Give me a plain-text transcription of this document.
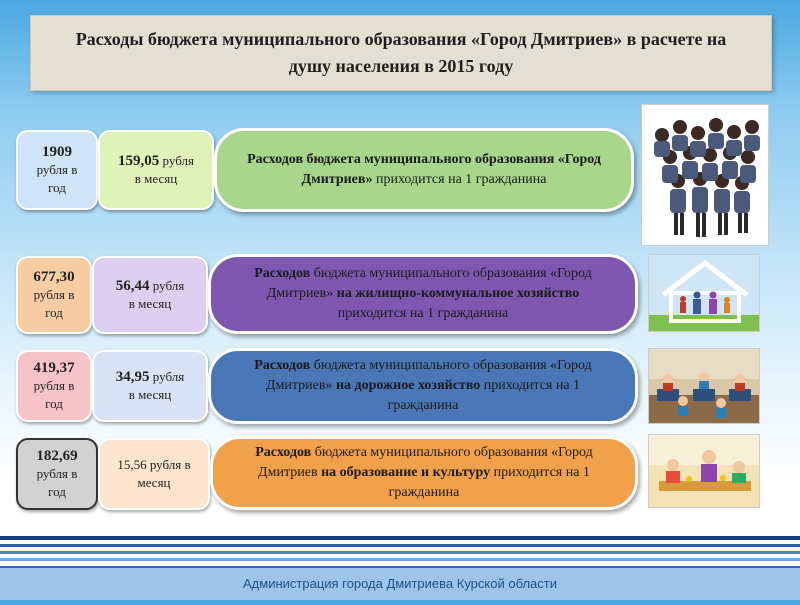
Расходы бюджета муниципального образования «Город Дмитриев» в расчете на душу населения в 2015 году
1909
рубля в год
159,05 рубля
в месяц
Расходов бюджета муниципального образования «Город Дмитриев» приходится на 1 гражданина
677,30
рубля в год
56,44 рубля
в месяц
Расходов бюджета муниципального образования «Город Дмитриев» на жилищно-коммунальное хозяйство приходится на 1 гражданина
419,37
рубля в год
34,95 рубля
в месяц
Расходов бюджета муниципального образования «Город Дмитриев» на дорожное хозяйство приходится на 1 гражданина
182,69
рубля в год
15,56 рубля в
месяц
Расходов бюджета муниципального образования «Город Дмитриев на образование и культуру приходится на 1 гражданина
Администрация города Дмитриева Курской области
